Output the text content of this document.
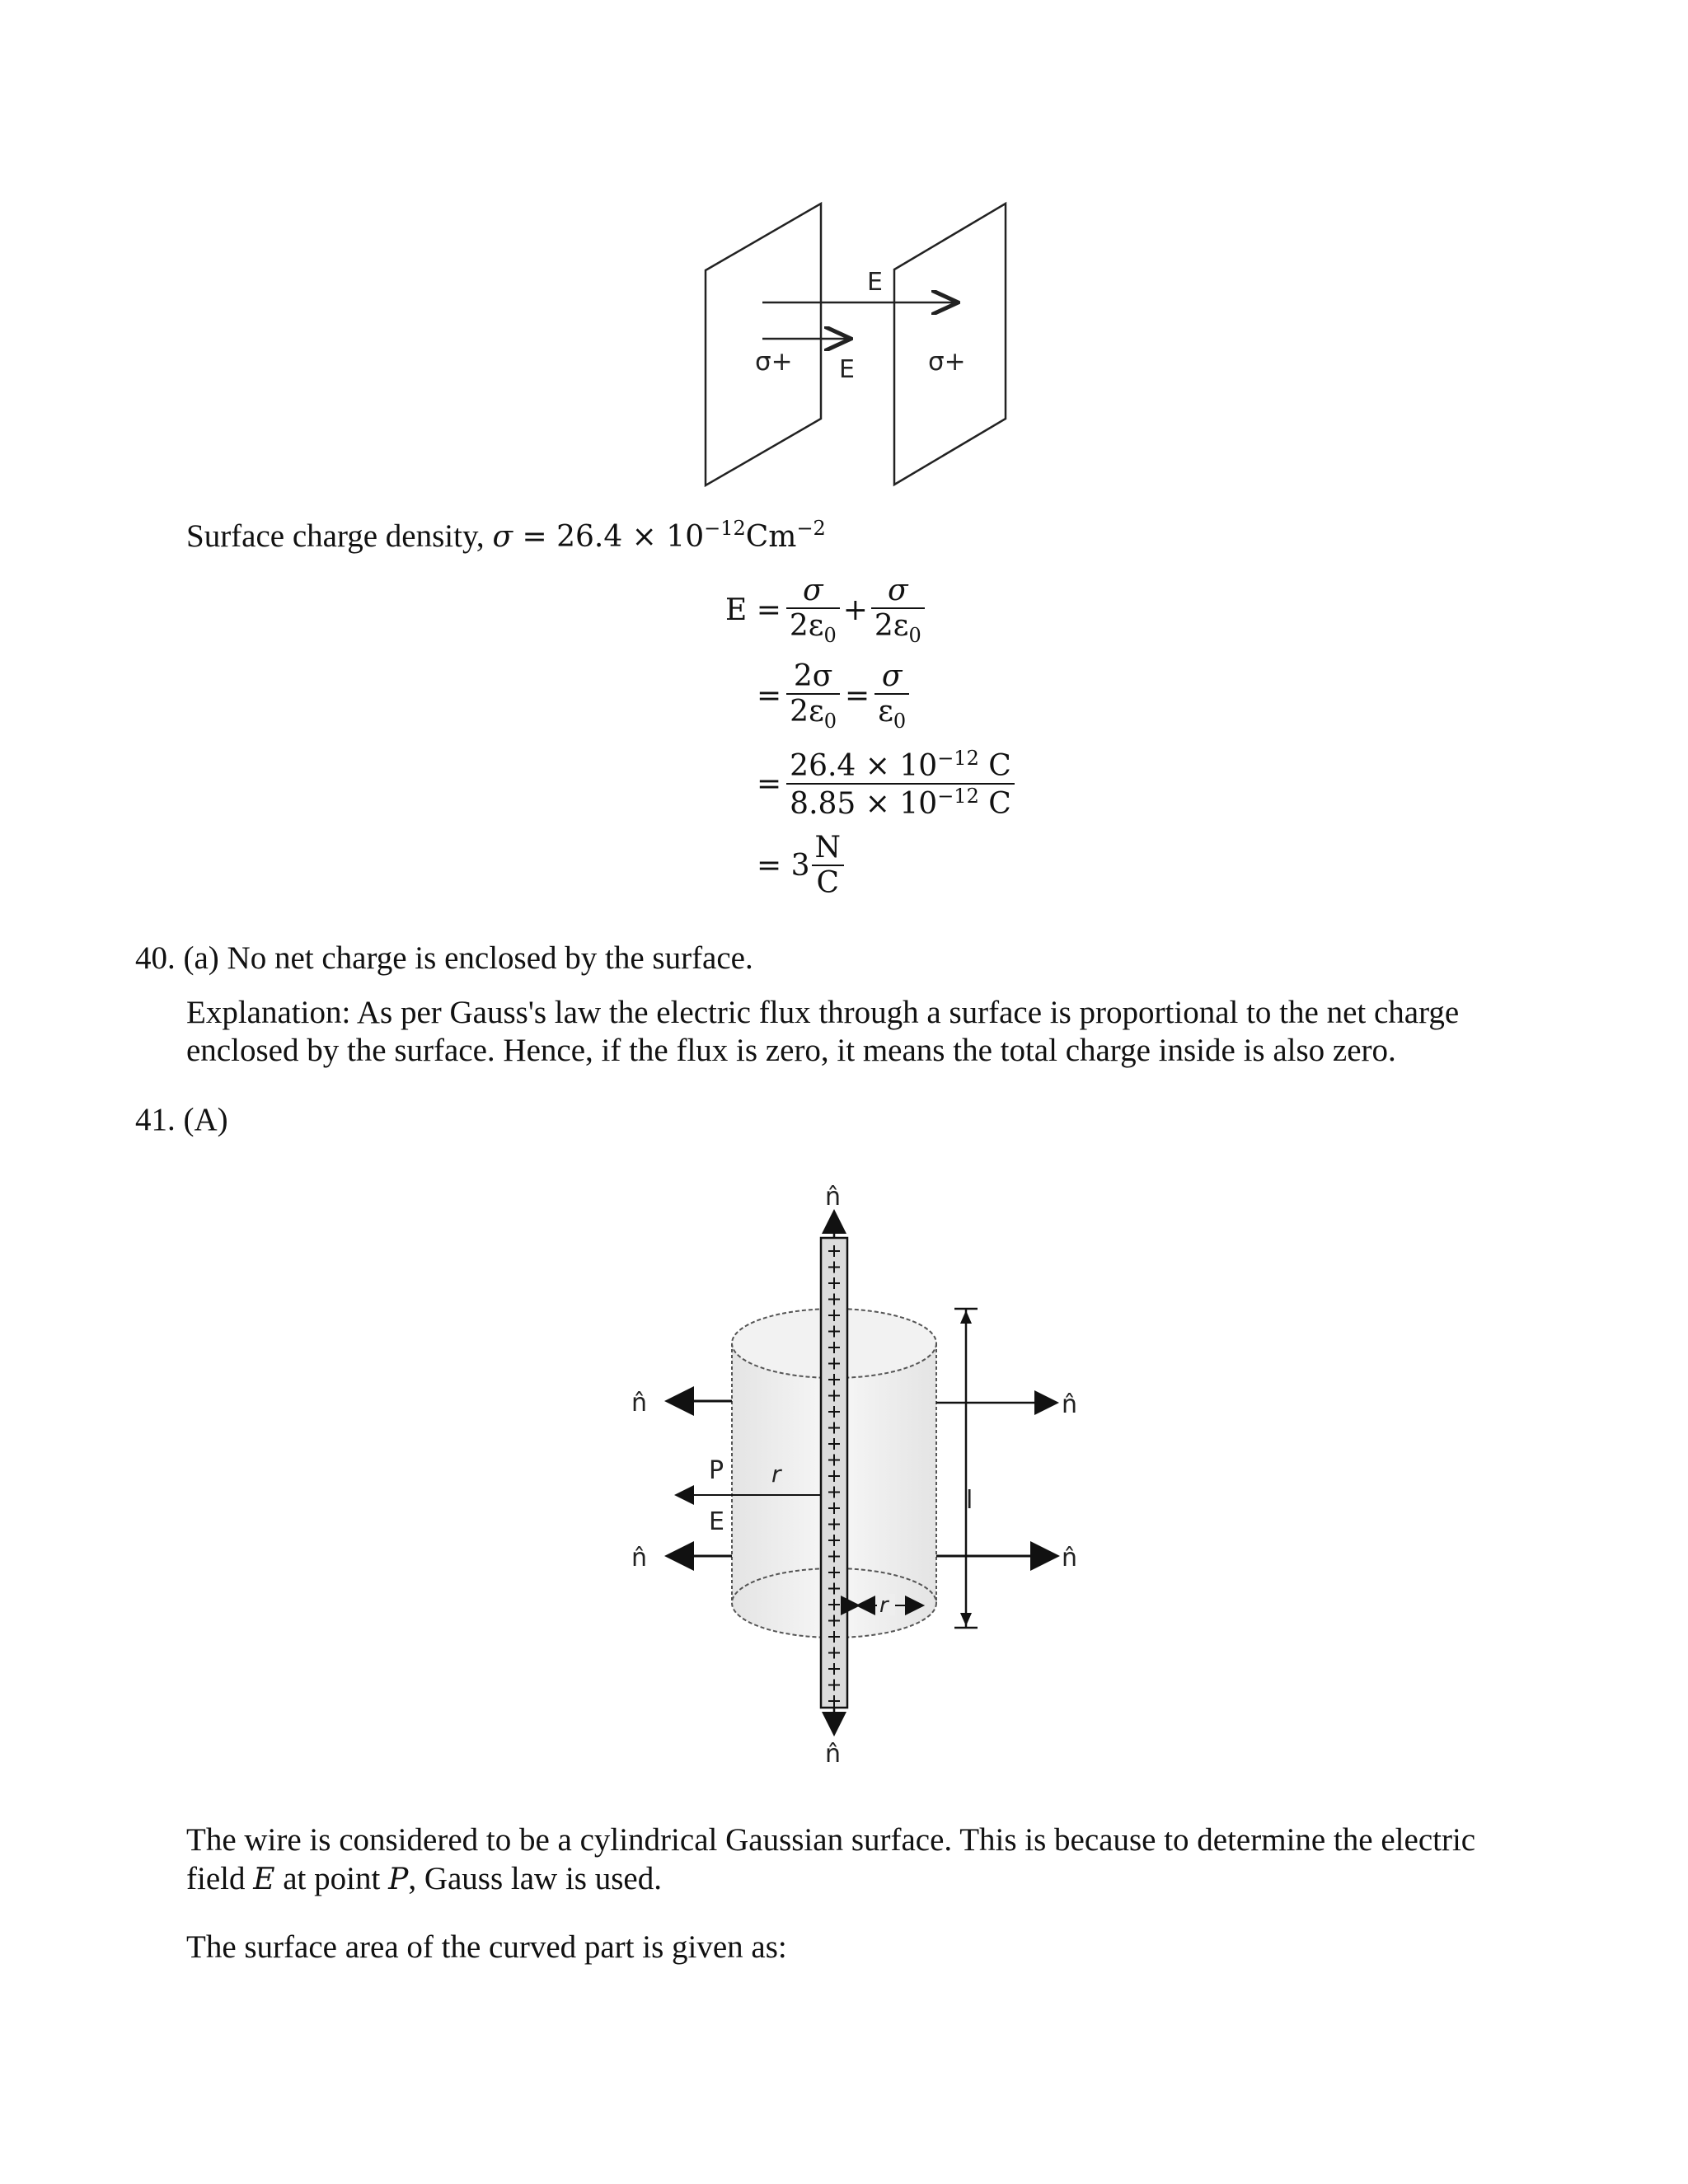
E
E
σ+	σ+
Surface charge density, $\sigma = 26.4 \times 10^{-12}Cm^{-2}$
$E = \frac{\sigma}{2\varepsilon_0} + \frac{\sigma}{2\varepsilon_0}$
= $\frac{2\sigma}{2\varepsilon_0} = \frac{\sigma}{\varepsilon_0}$
= $\frac{26.4 \times 10^{-12} C}{8.85 \times 10^{-12} C}$
= $3 \frac{N}{C}$
40. (a) No net charge is enclosed by the surface.
Explanation: As per Gauss's law the electric flux through a surface is proportional to the net charge
enclosed by the surface. Hence, if the flux is zero, it means the total charge inside is also zero.
41. (A)
n̂
n̂
n̂
n̂
n̂
n̂
P
E
r
r
l
The wire is considered to be a cylindrical Gaussian surface. This is because to determine the electric
field E at point P, Gauss law is used.
The surface area of the curved part is given as:
